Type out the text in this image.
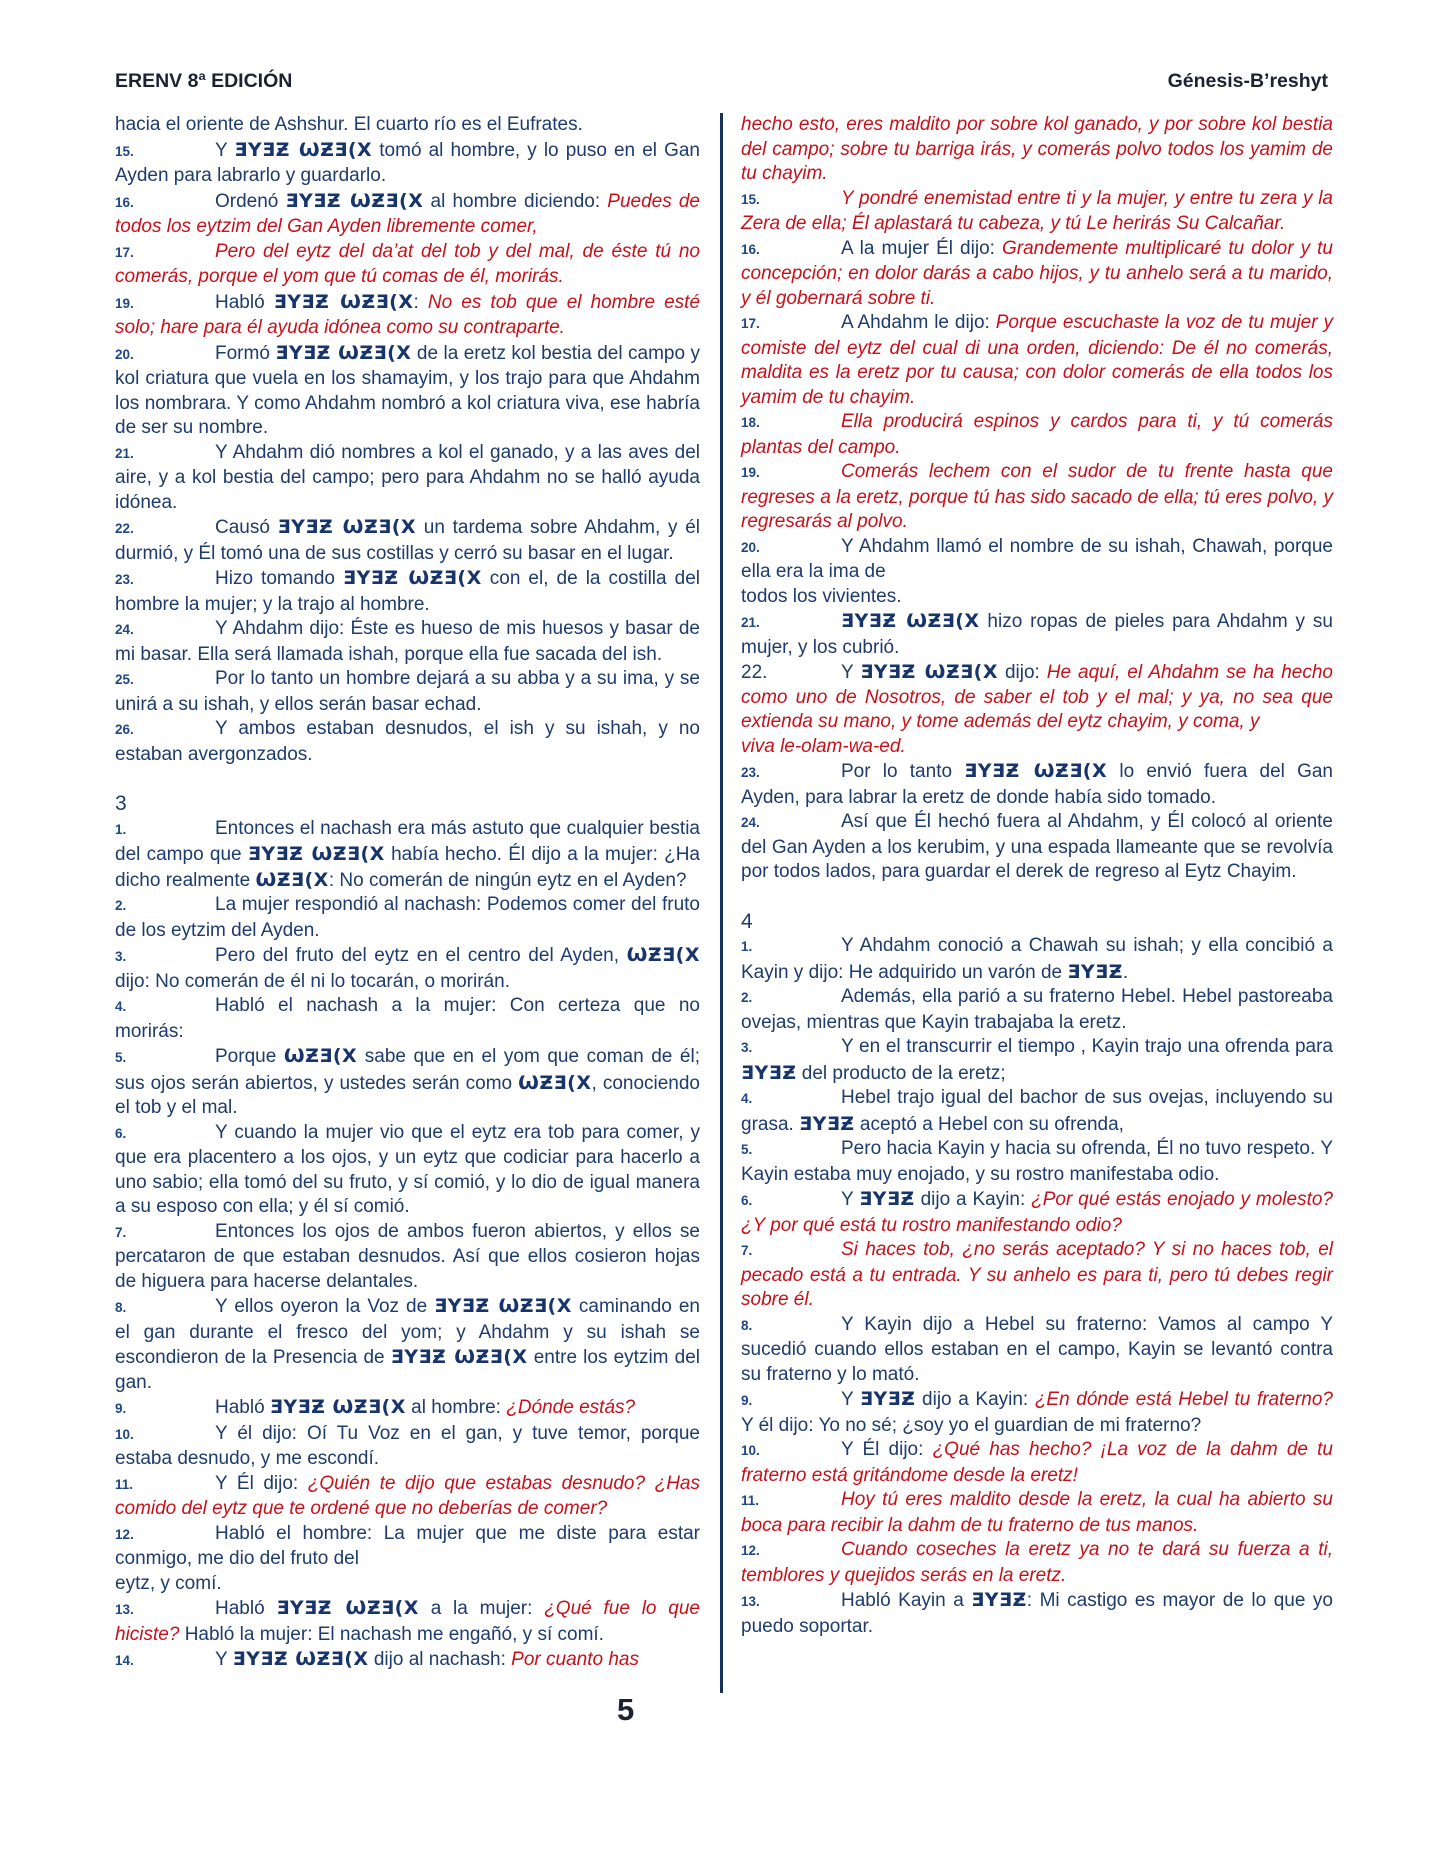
ERENV 8ª EDICIÓN	Génesis-B’reshyt

hacia el oriente de Ashshur. El cuarto río es el Eufrates.

15.	Y ƎYƎƵ ѠƵƎ(X tomó al hombre, y lo puso en el Gan Ayden para labrarlo y guardarlo.

16.	Ordenó ƎYƎƵ ѠƵƎ(X al hombre diciendo: Puedes de todos los eytzim del Gan Ayden libremente comer,

17.	Pero del eytz del da’at del tob y del mal, de éste tú no comerás, porque el yom que tú comas de él, morirás.

19.	Habló ƎYƎƵ ѠƵƎ(X: No es tob que el hombre esté solo; hare para él ayuda idónea como su contraparte.

20.	Formó ƎYƎƵ ѠƵƎ(X de la eretz kol bestia del campo y kol criatura que vuela en los shamayim, y los trajo para que Ahdahm los nombrara. Y como Ahdahm nombró a kol criatura viva, ese habría de ser su nombre.

21.	Y Ahdahm dió nombres a kol el ganado, y a las aves del aire, y a kol bestia del campo; pero para Ahdahm no se halló ayuda idónea.

22.	Causó ƎYƎƵ ѠƵƎ(X un tardema sobre Ahdahm, y él durmió, y Él tomó una de sus costillas y cerró su basar en el lugar.

23.	Hizo tomando ƎYƎƵ ѠƵƎ(X con el, de la costilla del hombre la mujer; y la trajo al hombre.

24.	Y Ahdahm dijo: Éste es hueso de mis huesos y basar de mi basar. Ella será llamada ishah, porque ella fue sacada del ish.

25.	Por lo tanto un hombre dejará a su abba y a su ima, y se unirá a su ishah, y ellos serán basar echad.

26.	Y ambos estaban desnudos, el ish y su ishah, y no estaban avergonzados.

3

1.	Entonces el nachash era más astuto que cualquier bestia del campo que ƎYƎƵ ѠƵƎ(X había hecho. Él dijo a la mujer: ¿Ha dicho realmente ѠƵƎ(X: No comerán de ningún eytz en el Ayden?

2.	La mujer respondió al nachash: Podemos comer del fruto de los eytzim del Ayden.

3.	Pero del fruto del eytz en el centro del Ayden, ѠƵƎ(X dijo: No comerán de él ni lo tocarán, o morirán.

4.	Habló el nachash a la mujer: Con certeza que no morirás:

5.	Porque ѠƵƎ(X sabe que en el yom que coman de él; sus ojos serán abiertos, y ustedes serán como ѠƵƎ(X, conociendo el tob y el mal.

6.	Y cuando la mujer vio que el eytz era tob para comer, y que era placentero a los ojos, y un eytz que codiciar para hacerlo a uno sabio; ella tomó del su fruto, y sí comió, y lo dio de igual manera a su esposo con ella; y él sí comió.

7.	Entonces los ojos de ambos fueron abiertos, y ellos se percataron de que estaban desnudos. Así que ellos cosieron hojas de higuera para hacerse delantales.

8.	Y ellos oyeron la Voz de ƎYƎƵ ѠƵƎ(X caminando en el gan durante el fresco del yom; y Ahdahm y su ishah se escondieron de la Presencia de ƎYƎƵ ѠƵƎ(X entre los eytzim del gan.

9.	Habló ƎYƎƵ ѠƵƎ(X al hombre: ¿Dónde estás?

10.	Y él dijo: Oí Tu Voz en el gan, y tuve temor, porque estaba desnudo, y me escondí.

11.	Y Él dijo: ¿Quién te dijo que estabas desnudo? ¿Has comido del eytz que te ordené que no deberías de comer?

12.	Habló el hombre: La mujer que me diste para estar conmigo, me dio del fruto del
eytz, y comí.

13.	Habló ƎYƎƵ ѠƵƎ(X a la mujer: ¿Qué fue lo que hiciste? Habló la mujer: El nachash me engañó, y sí comí.

14.	Y ƎYƎƵ ѠƵƎ(X dijo al nachash: Por cuanto has

hecho esto, eres maldito por sobre kol ganado, y por sobre kol bestia del campo; sobre tu barriga irás, y comerás polvo todos los yamim de tu chayim.

15.	Y pondré enemistad entre ti y la mujer, y entre tu zera y la Zera de ella; Él aplastará tu cabeza, y tú Le herirás Su Calcañar.

16.	A la mujer Él dijo: Grandemente multiplicaré tu dolor y tu concepción; en dolor darás a cabo hijos, y tu anhelo será a tu marido, y él gobernará sobre ti.

17.	A Ahdahm le dijo: Porque escuchaste la voz de tu mujer y comiste del eytz del cual di una orden, diciendo: De él no comerás, maldita es la eretz por tu causa; con dolor comerás de ella todos los yamim de tu chayim.

18.	Ella producirá espinos y cardos para ti, y tú comerás plantas del campo.

19.	Comerás lechem con el sudor de tu frente hasta que regreses a la eretz, porque tú has sido sacado de ella; tú eres polvo, y regresarás al polvo.

20.	Y Ahdahm llamó el nombre de su ishah, Chawah, porque ella era la ima de
todos los vivientes.

21.	ƎYƎƵ ѠƵƎ(X hizo ropas de pieles para Ahdahm y su mujer, y los cubrió.

22.	Y ƎYƎƵ ѠƵƎ(X dijo: He aquí, el Ahdahm se ha hecho como uno de Nosotros, de saber el tob y el mal; y ya, no sea que extienda su mano, y tome además del eytz chayim, y coma, y
viva le-olam-wa-ed.

23.	Por lo tanto ƎYƎƵ ѠƵƎ(X lo envió fuera del Gan Ayden, para labrar la eretz de donde había sido tomado.

24.	Así que Él hechó fuera al Ahdahm, y Él colocó al oriente del Gan Ayden a los kerubim, y una espada llameante que se revolvía por todos lados, para guardar el derek de regreso al Eytz Chayim.

4

1.	Y Ahdahm conoció a Chawah su ishah; y ella concibió a Kayin y dijo: He adquirido un varón de ƎYƎƵ.

2.	Además, ella parió a su fraterno Hebel. Hebel pastoreaba ovejas, mientras que Kayin trabajaba la eretz.

3.	Y en el transcurrir el tiempo , Kayin trajo una ofrenda para ƎYƎƵ del producto de la eretz;

4.	Hebel trajo igual del bachor de sus ovejas, incluyendo su grasa. ƎYƎƵ aceptó a Hebel con su ofrenda,

5.	Pero hacia Kayin y hacia su ofrenda, Él no tuvo respeto. Y Kayin estaba muy enojado, y su rostro manifestaba odio.

6.	Y ƎYƎƵ dijo a Kayin: ¿Por qué estás enojado y molesto? ¿Y por qué está tu rostro manifestando odio?

7.	Si haces tob, ¿no serás aceptado? Y si no haces tob, el pecado está a tu entrada. Y su anhelo es para ti, pero tú debes regir sobre él.

8.	Y Kayin dijo a Hebel su fraterno: Vamos al campo Y sucedió cuando ellos estaban en el campo, Kayin se levantó contra su fraterno y lo mató.

9.	Y ƎYƎƵ dijo a Kayin: ¿En dónde está Hebel tu fraterno? Y él dijo: Yo no sé; ¿soy yo el guardian de mi fraterno?

10.	Y Él dijo: ¿Qué has hecho? ¡La voz de la dahm de tu fraterno está gritándome desde la eretz!

11.	Hoy tú eres maldito desde la eretz, la cual ha abierto su boca para recibir la dahm de tu fraterno de tus manos.

12.	Cuando coseches la eretz ya no te dará su fuerza a ti, temblores y quejidos serás en la eretz.

13.	Habló Kayin a ƎYƎƵ: Mi castigo es mayor de lo que yo puedo soportar.

5
